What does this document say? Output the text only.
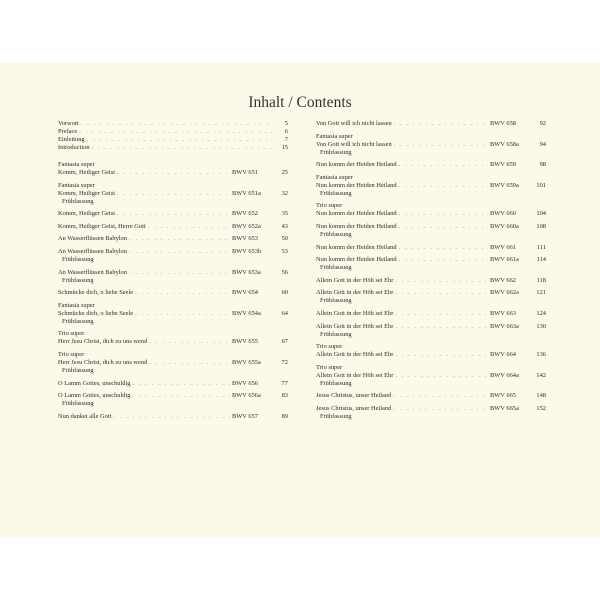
Inhalt / Contents
Vorwort . . .	5
Preface . . .	6
Einleitung . . .	7
Introduction . . .	15
Fantasia super
Komm, Heiliger Geist . . .	BWV 651	25
Fantasia super
Komm, Heiliger Geist . . .	BWV 651a	32
Frühfassung
Komm, Heiliger Geist . . .	BWV 652	35
Komm, Heiliger Geist, Herre Gott . . .	BWV 652a	43
An Wasserflüssen Babylon . . .	BWV 653	50
An Wasserflüssen Babylon . . .	BWV 653b	53
Frühfassung
An Wasserflüssen Babylon . . .	BWV 653a	56
Frühfassung
Schmücke dich, o liebe Seele . . .	BWV 654	60
Fantasia super
Schmücke dich, o liebe Seele . . .	BWV 654a	64
Frühfassung
Trio super
Herr Jesu Christ, dich zu uns wend . . .	BWV 655	67
Trio super
Herr Jesu Christ, dich zu uns wend . . .	BWV 655a	72
Frühfassung
O Lamm Gottes, unschuldig . . .	BWV 656	77
O Lamm Gottes, unschuldig . . .	BWV 656a	83
Frühfassung
Nun danket alle Gott . . .	BWV 657	89
Von Gott will ich nicht lassen . . .	BWV 658	92
Fantasia super
Von Gott will ich nicht lassen . . .	BWV 658a	94
Frühfassung
Nun komm der Heiden Heiland . . .	BWV 659	98
Fantasia super
Nun komm der Heiden Heiland . . .	BWV 659a	101
Frühfassung
Trio super
Nun komm der Heiden Heiland . . .	BWV 660	104
Nun komm der Heiden Heiland . . .	BWV 660a	108
Frühfassung
Nun komm der Heiden Heiland . . .	BWV 661	111
Nun komm der Heiden Heiland . . .	BWV 661a	114
Frühfassung
Allein Gott in der Höh sei Ehr . . .	BWV 662	118
Allein Gott in der Höh sei Ehr . . .	BWV 662a	121
Frühfassung
Allein Gott in der Höh sei Ehr . . .	BWV 663	124
Allein Gott in der Höh sei Ehr . . .	BWV 663a	130
Frühfassung
Trio super
Allein Gott in der Höh sei Ehr . . .	BWV 664	136
Trio super
Allein Gott in der Höh sei Ehr . . .	BWV 664a	142
Frühfassung
Jesus Christus, unser Heiland . . .	BWV 665	148
Jesus Christus, unser Heiland . . .	BWV 665a	152
Frühfassung
